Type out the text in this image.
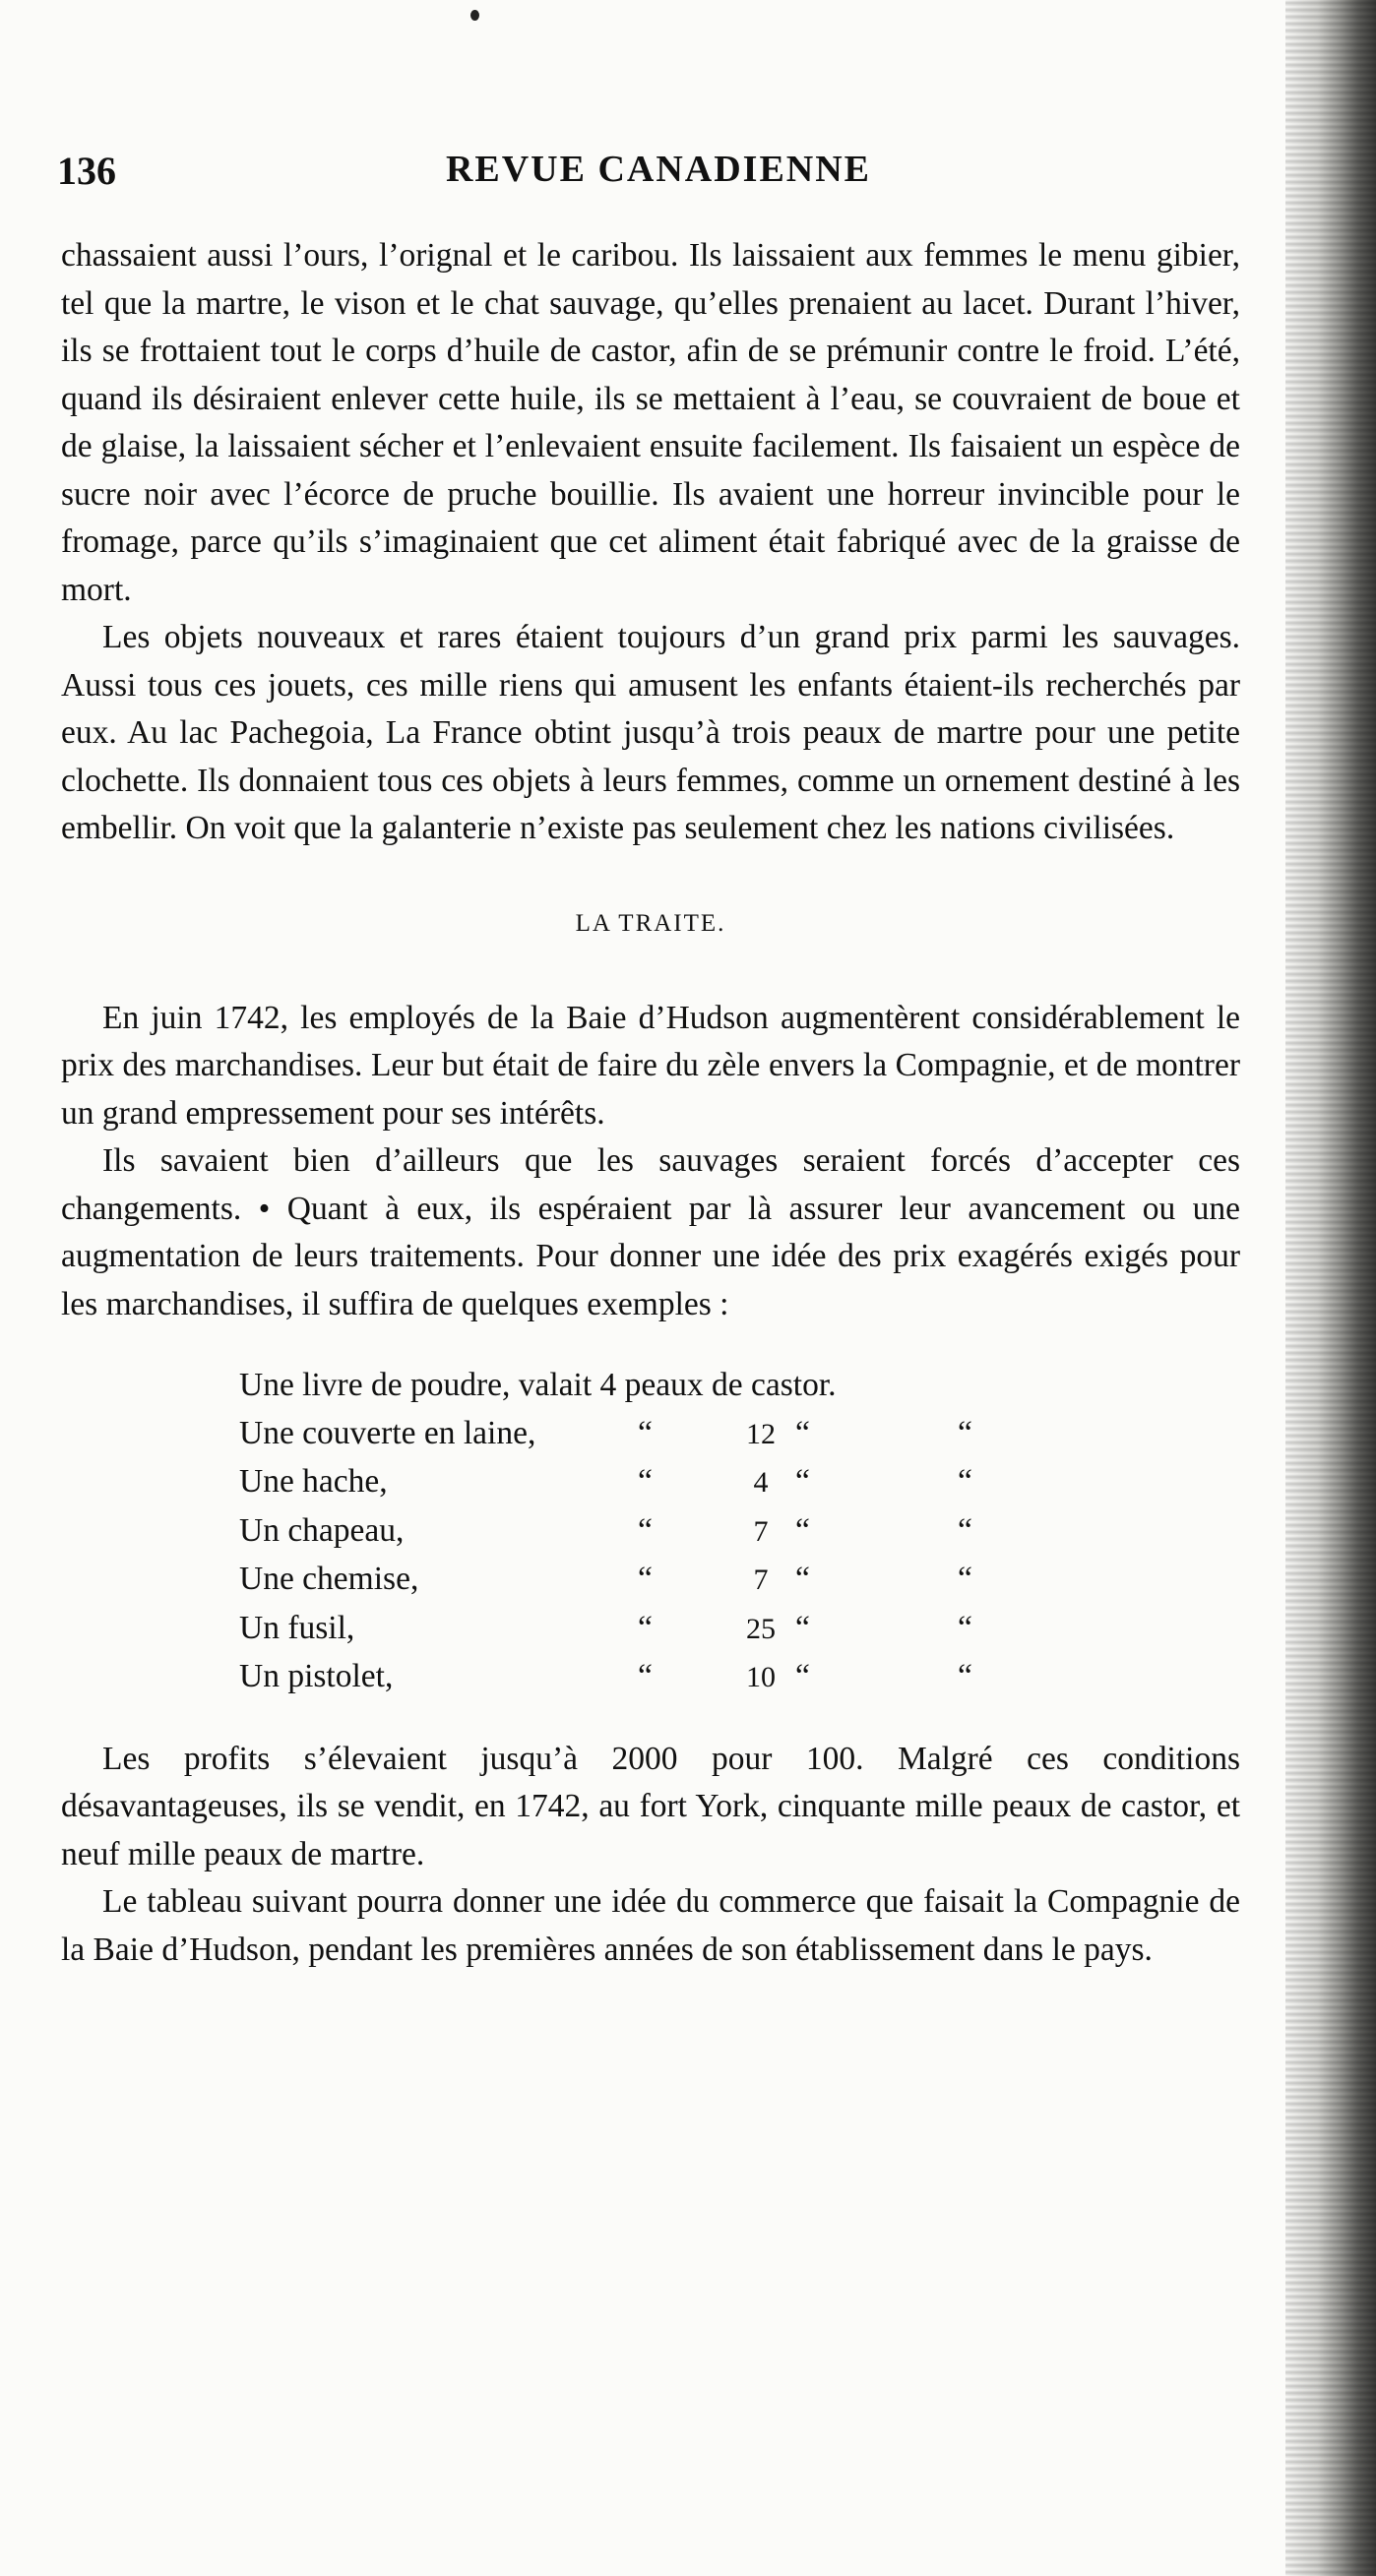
136	REVUE CANADIENNE

chassaient aussi l’ours, l’orignal et le caribou. Ils laissaient aux femmes le menu gibier, tel que la martre, le vison et le chat sauvage, qu’elles prenaient au lacet. Durant l’hiver, ils se frottaient tout le corps d’huile de castor, afin de se prémunir contre le froid. L’été, quand ils désiraient enlever cette huile, ils se mettaient à l’eau, se couvraient de boue et de glaise, la laissaient sécher et l’enlevaient ensuite facilement. Ils faisaient un espèce de sucre noir avec l’écorce de pruche bouillie. Ils avaient une horreur invincible pour le fromage, parce qu’ils s’imaginaient que cet aliment était fabriqué avec de la graisse de mort.

Les objets nouveaux et rares étaient toujours d’un grand prix parmi les sauvages. Aussi tous ces jouets, ces mille riens qui amusent les enfants étaient-ils recherchés par eux. Au lac Pachegoia, La France obtint jusqu’à trois peaux de martre pour une petite clochette. Ils donnaient tous ces objets à leurs femmes, comme un ornement destiné à les embellir. On voit que la galanterie n’existe pas seulement chez les nations civilisées.

LA TRAITE.

En juin 1742, les employés de la Baie d’Hudson augmentèrent considérablement le prix des marchandises. Leur but était de faire du zèle envers la Compagnie, et de montrer un grand empressement pour ses intérêts.

Ils savaient bien d’ailleurs que les sauvages seraient forcés d’accepter ces changements. • Quant à eux, ils espéraient par là assurer leur avancement ou une augmentation de leurs traitements. Pour donner une idée des prix exagérés exigés pour les marchandises, il suffira de quelques exemples :

Une livre de poudre, valait 4 peaux de castor.				
Une couverte en laine,	“	12	“	“
Une hache,	“	4	“	“
Un chapeau,	“	7	“	“
Une chemise,	“	7	“	“
Un fusil,	“	25	“	“
Un pistolet,	“	10	“	“

Les profits s’élevaient jusqu’à 2000 pour 100. Malgré ces conditions désavantageuses, ils se vendit, en 1742, au fort York, cinquante mille peaux de castor, et neuf mille peaux de martre.

Le tableau suivant pourra donner une idée du commerce que faisait la Compagnie de la Baie d’Hudson, pendant les premières années de son établissement dans le pays.
